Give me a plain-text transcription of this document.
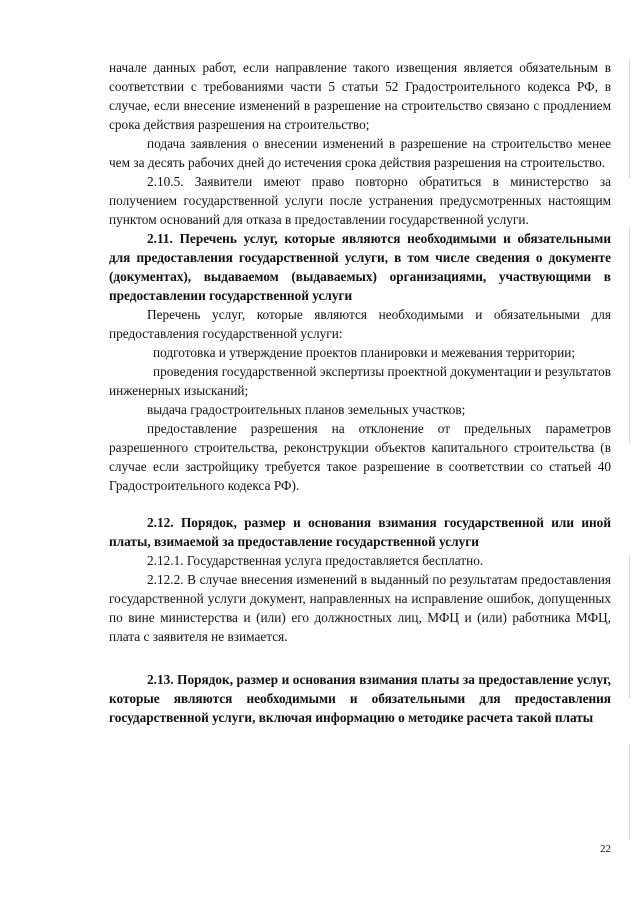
начале данных работ, если направление такого извещения является обязательным в соответствии с требованиями части 5 статьи 52 Градостроительного кодекса РФ, в случае, если внесение изменений в разрешение на строительство связано с продлением срока действия разрешения на строительство;

подача заявления о внесении изменений в разрешение на строительство менее чем за десять рабочих дней до истечения срока действия разрешения на строительство.

2.10.5. Заявители имеют право повторно обратиться в министерство за получением государственной услуги после устранения предусмотренных настоящим пунктом оснований для отказа в предоставлении государственной услуги.

2.11. Перечень услуг, которые являются необходимыми и обязательными для предоставления государственной услуги, в том числе сведения о документе (документах), выдаваемом (выдаваемых) организациями, участвующими в предоставлении государственной услуги

Перечень услуг, которые являются необходимыми и обязательными для предоставления государственной услуги:

подготовка и утверждение проектов планировки и межевания территории;

проведения государственной экспертизы проектной документации и результатов инженерных изысканий;

выдача градостроительных планов земельных участков;

предоставление разрешения на отклонение от предельных параметров разрешенного строительства, реконструкции объектов капитального строительства (в случае если застройщику требуется такое разрешение в соответствии со статьей 40 Градостроительного кодекса РФ).

2.12. Порядок, размер и основания взимания государственной или иной платы, взимаемой за предоставление государственной услуги

2.12.1. Государственная услуга предоставляется бесплатно.

2.12.2. В случае внесения изменений в выданный по результатам предоставления государственной услуги документ, направленных на исправление ошибок, допущенных по вине министерства и (или) его должностных лиц, МФЦ и (или) работника МФЦ, плата с заявителя не взимается.

2.13. Порядок, размер и основания взимания платы за предоставление услуг, которые являются необходимыми и обязательными для предоставления государственной услуги, включая информацию о методике расчета такой платы

22
